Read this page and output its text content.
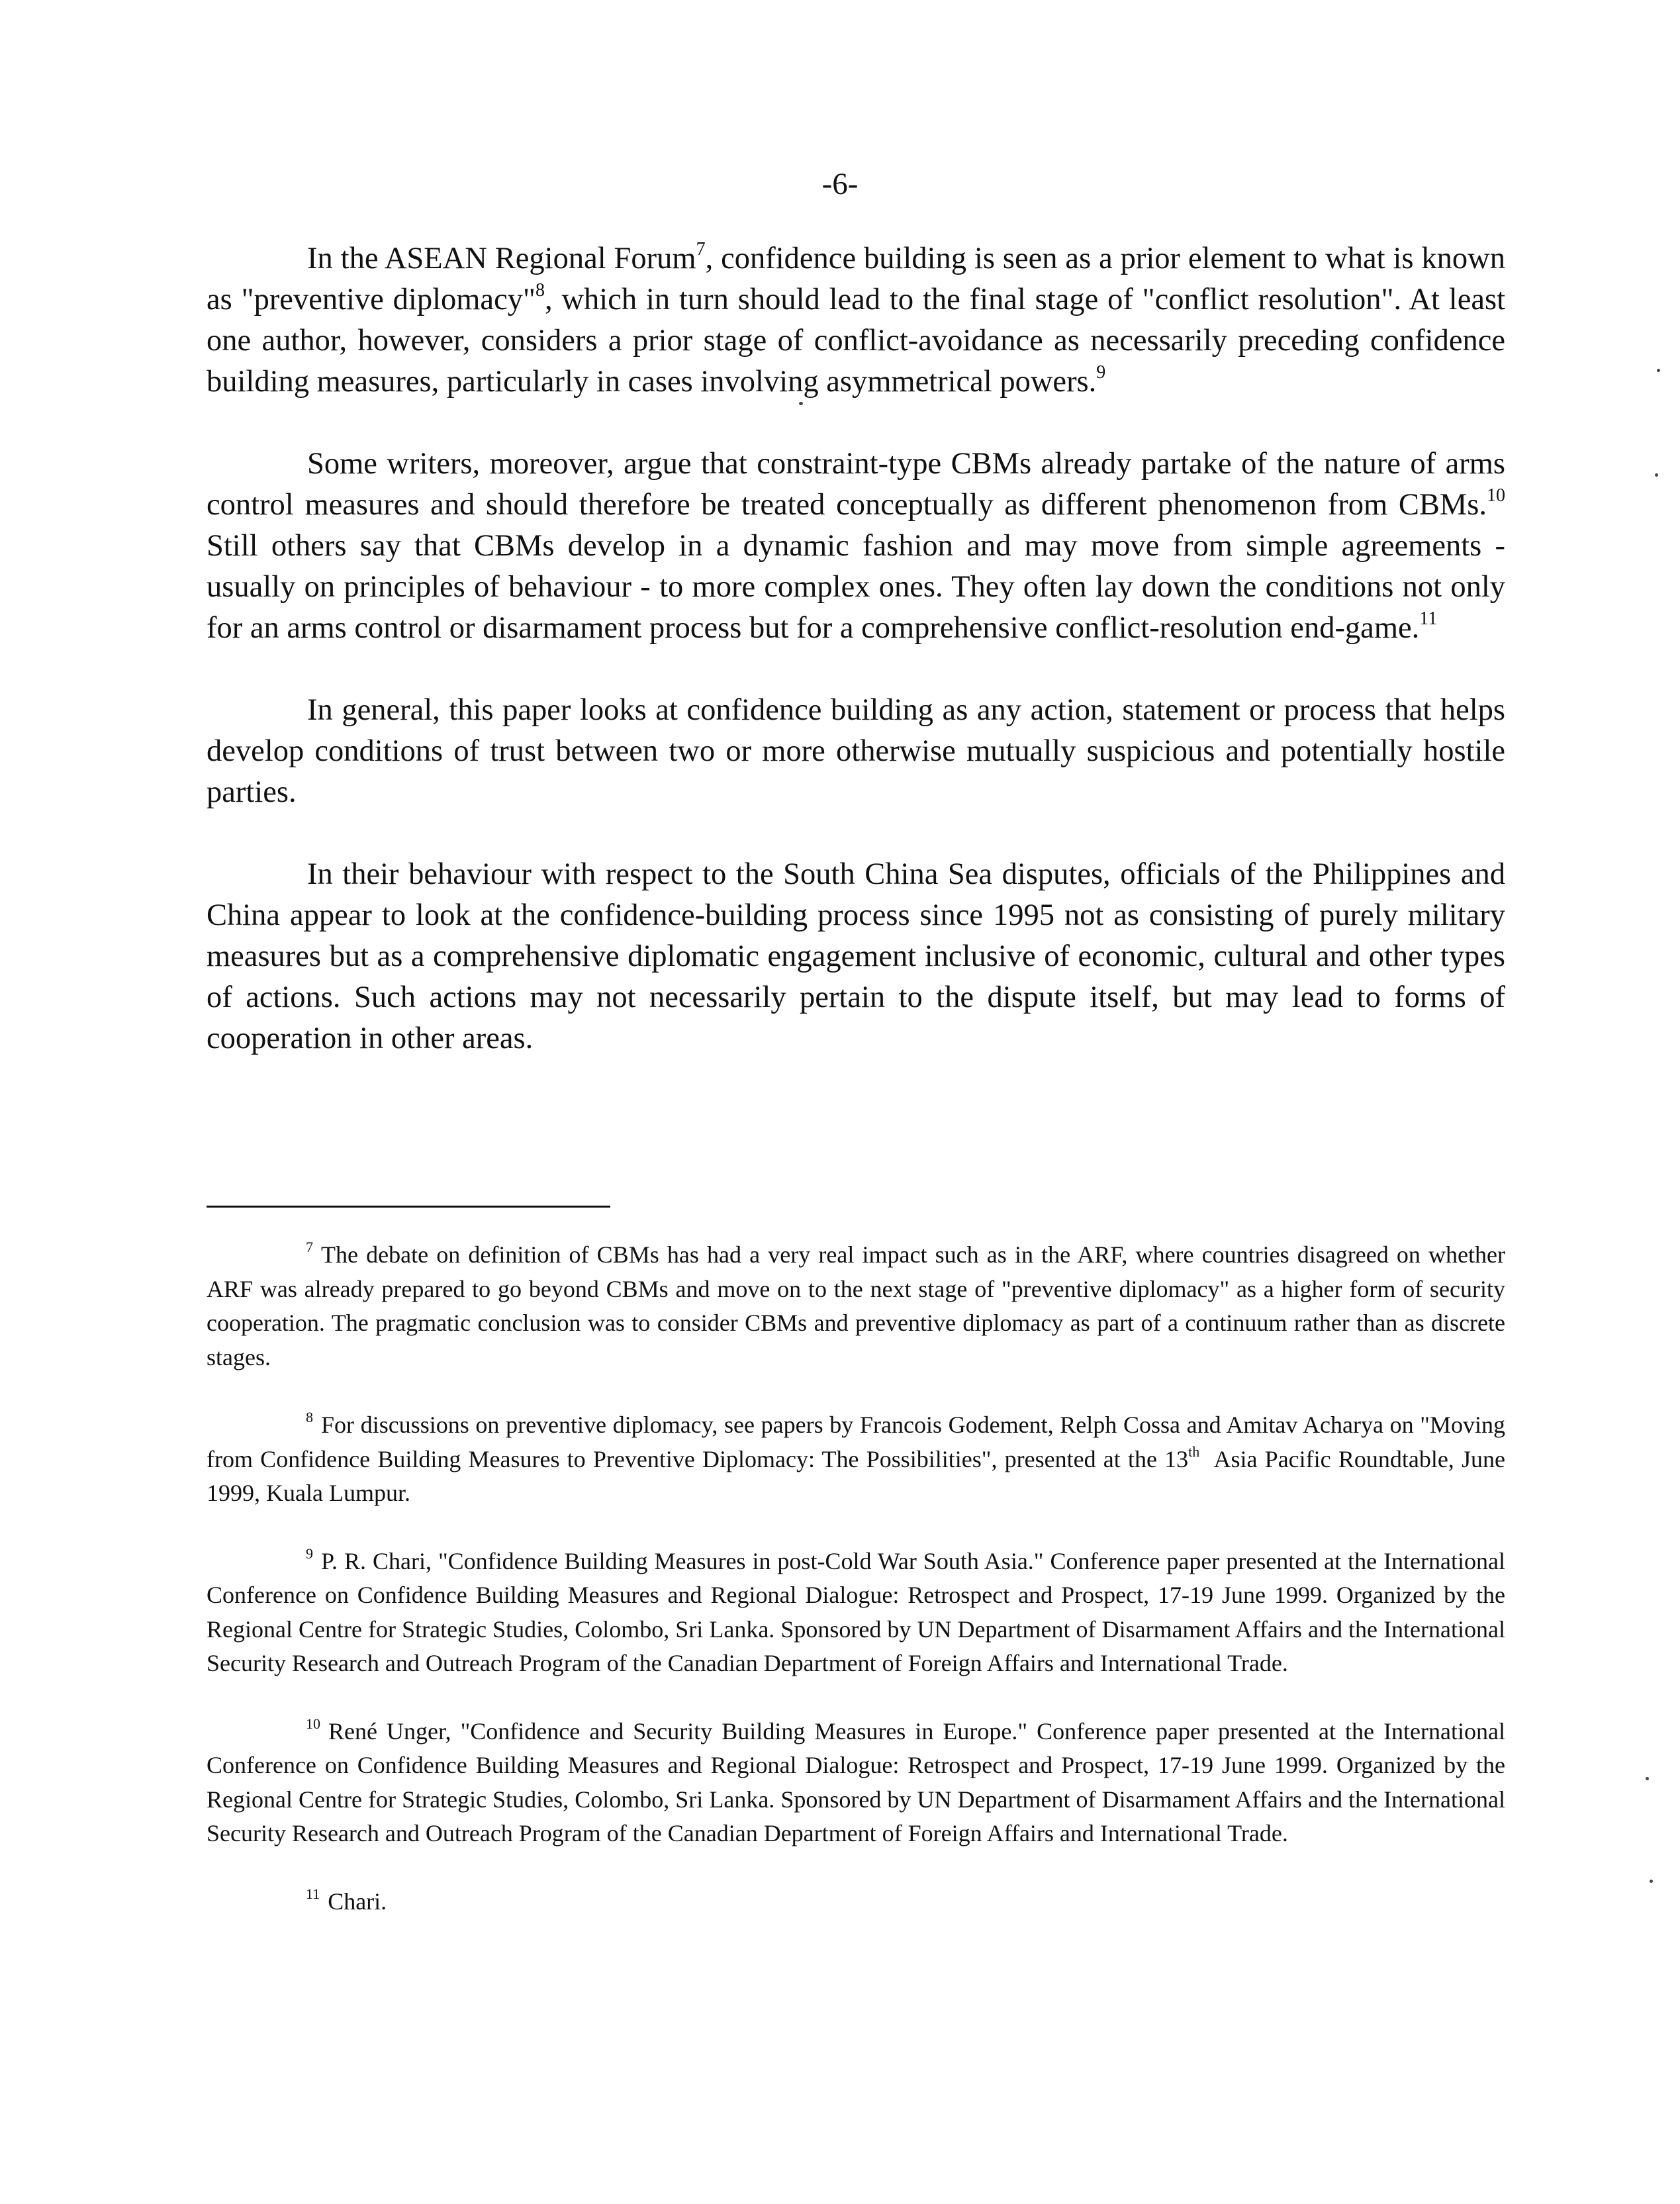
-6-

In the ASEAN Regional Forum$^7$, confidence building is seen as a prior element to what is known as "preventive diplomacy"$^8$, which in turn should lead to the final stage of "conflict resolution". At least one author, however, considers a prior stage of conflict-avoidance as necessarily preceding confidence building measures, particularly in cases involving asymmetrical powers.$^9$

Some writers, moreover, argue that constraint-type CBMs already partake of the nature of arms control measures and should therefore be treated conceptually as different phenomenon from CBMs.$^{10}$ Still others say that CBMs develop in a dynamic fashion and may move from simple agreements - usually on principles of behaviour - to more complex ones. They often lay down the conditions not only for an arms control or disarmament process but for a comprehensive conflict-resolution end-game.$^{11}$

In general, this paper looks at confidence building as any action, statement or process that helps develop conditions of trust between two or more otherwise mutually suspicious and potentially hostile parties.

In their behaviour with respect to the South China Sea disputes, officials of the Philippines and China appear to look at the confidence-building process since 1995 not as consisting of purely military measures but as a comprehensive diplomatic engagement inclusive of economic, cultural and other types of actions. Such actions may not necessarily pertain to the dispute itself, but may lead to forms of cooperation in other areas.

$^7$ The debate on definition of CBMs has had a very real impact such as in the ARF, where countries disagreed on whether ARF was already prepared to go beyond CBMs and move on to the next stage of "preventive diplomacy" as a higher form of security cooperation. The pragmatic conclusion was to consider CBMs and preventive diplomacy as part of a continuum rather than as discrete stages.

$^8$ For discussions on preventive diplomacy, see papers by Francois Godement, Relph Cossa and Amitav Acharya on "Moving from Confidence Building Measures to Preventive Diplomacy: The Possibilities", presented at the 13th Asia Pacific Roundtable, June 1999, Kuala Lumpur.

$^9$ P. R. Chari, "Confidence Building Measures in post-Cold War South Asia." Conference paper presented at the International Conference on Confidence Building Measures and Regional Dialogue: Retrospect and Prospect, 17-19 June 1999. Organized by the Regional Centre for Strategic Studies, Colombo, Sri Lanka. Sponsored by UN Department of Disarmament Affairs and the International Security Research and Outreach Program of the Canadian Department of Foreign Affairs and International Trade.

$^{10}$ René Unger, "Confidence and Security Building Measures in Europe." Conference paper presented at the International Conference on Confidence Building Measures and Regional Dialogue: Retrospect and Prospect, 17-19 June 1999. Organized by the Regional Centre for Strategic Studies, Colombo, Sri Lanka. Sponsored by UN Department of Disarmament Affairs and the International Security Research and Outreach Program of the Canadian Department of Foreign Affairs and International Trade.

$^{11}$ Chari.
